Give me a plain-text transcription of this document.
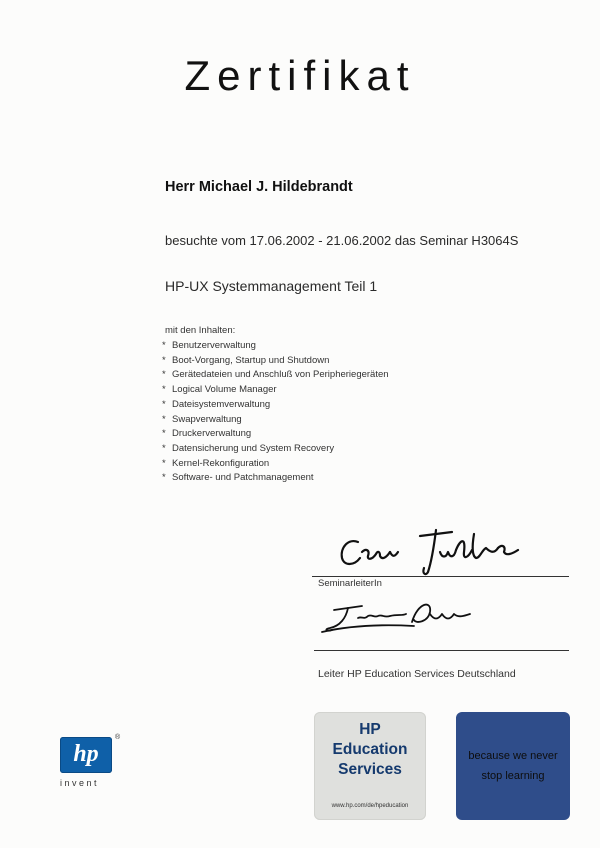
Zertifikat
Herr Michael J. Hildebrandt
besuchte vom 17.06.2002 - 21.06.2002 das Seminar H3064S
HP-UX Systemmanagement Teil 1
mit den Inhalten:
* Benutzerverwaltung
* Boot-Vorgang, Startup und Shutdown
* Gerätedateien und Anschluß von Peripheriegeräten
* Logical Volume Manager
* Dateisystemverwaltung
* Swapverwaltung
* Druckerverwaltung
* Datensicherung und System Recovery
* Kernel-Rekonfiguration
* Software- und Patchmanagement
SeminarleiterIn
Leiter HP Education Services Deutschland
hp
®
invent
HP
Education
Services
www.hp.com/de/hpeducation
because we never
stop learning
